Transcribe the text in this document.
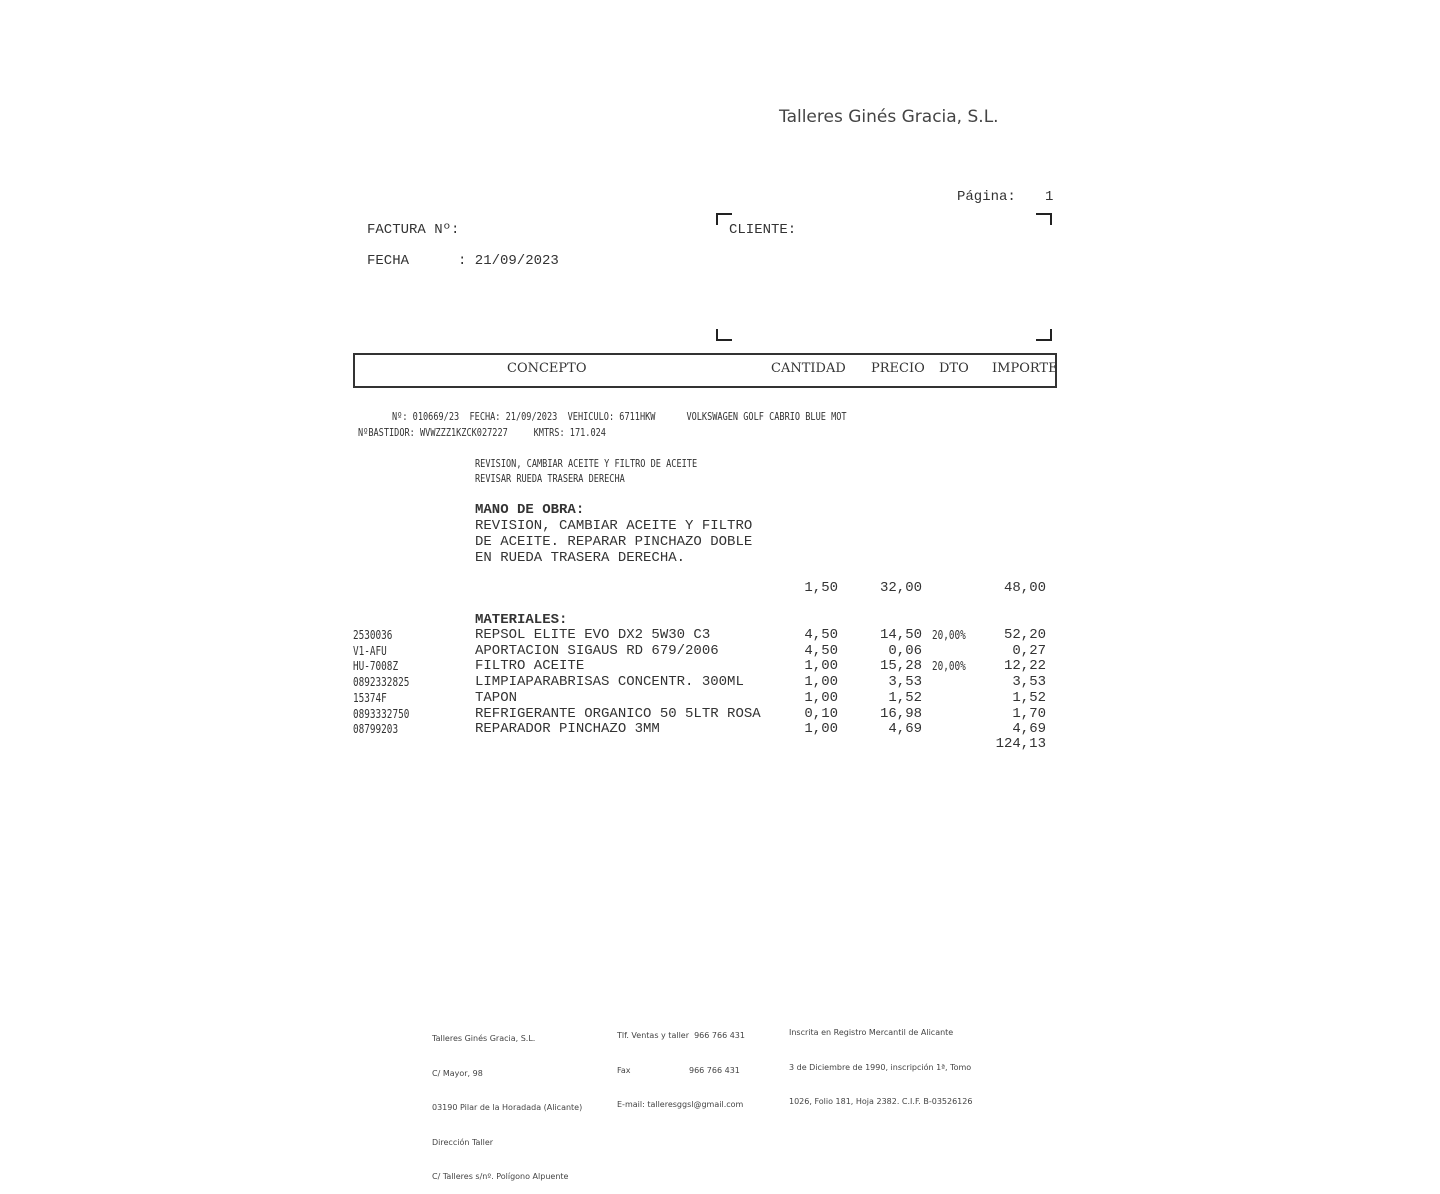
Talleres Ginés Gracia, S.L.
Página: 1
FACTURA Nº:
FECHA	: 21/09/2023
CLIENTE:
CONCEPTO	CANTIDAD PRECIO DTO IMPORTE
Nº: 010669/23  FECHA: 21/09/2023  VEHICULO: 6711HKW      VOLKSWAGEN GOLF CABRIO BLUE MOT
NºBASTIDOR: WVWZZZ1KZCK027227     KMTRS: 171.024
REVISION, CAMBIAR ACEITE Y FILTRO DE ACEITE
REVISAR RUEDA TRASERA DERECHA
MANO DE OBRA:
REVISION, CAMBIAR ACEITE Y FILTRO
DE ACEITE. REPARAR PINCHAZO DOBLE
EN RUEDA TRASERA DERECHA.
1,50	32,00	48,00
MATERIALES:
2530036	REPSOL ELITE EVO DX2 5W30 C3	4,50	14,50 20,00%	52,20
V1-AFU	APORTACION SIGAUS RD 679/2006	4,50	0,06	0,27
HU-7008Z	FILTRO ACEITE	1,00	15,28 20,00%	12,22
0892332825	LIMPIAPARABRISAS CONCENTR. 300ML	1,00	3,53	3,53
15374F	TAPON	1,00	1,52	1,52
0893332750	REFRIGERANTE ORGANICO 50 5LTR ROSA	0,10	16,98	1,70
08799203	REPARADOR PINCHAZO 3MM	1,00	4,69	4,69
124,13

Talleres Ginés Gracia, S.L.

C/ Mayor, 98

03190 Pilar de la Horadada (Alicante)

Dirección Taller

C/ Talleres s/nº. Polígono Alpuente

Tlf. Ventas y taller  966 766 431

Fax                       966 766 431

E-mail: talleresggsl@gmail.com

Inscrita en Registro Mercantil de Alicante

3 de Diciembre de 1990, inscripción 1ª, Tomo

1026, Folio 181, Hoja 2382. C.I.F. B-03526126
